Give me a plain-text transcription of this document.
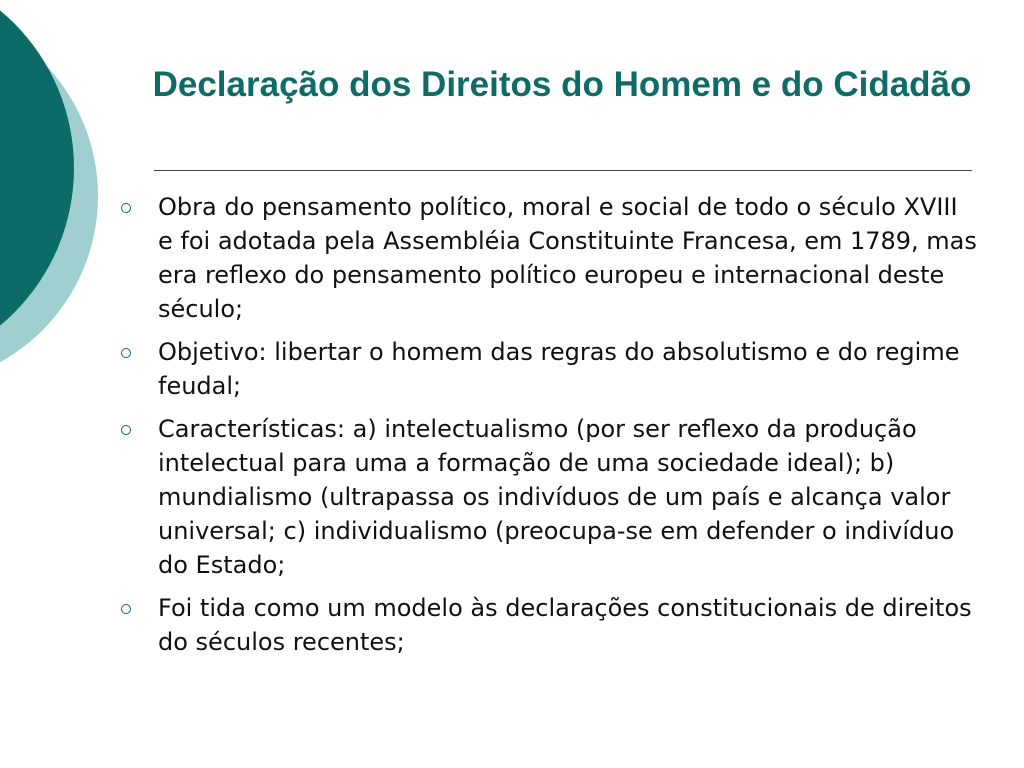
Declaração dos Direitos do Homem e do Cidadão
Obra do pensamento político, moral e social de todo o século XVIII e foi adotada pela Assembléia Constituinte Francesa, em 1789, mas era reflexo do pensamento político europeu e internacional deste século;
Objetivo: libertar o homem das regras do absolutismo e do regime feudal;
Características: a) intelectualismo (por ser reflexo da produção intelectual para uma a formação de uma sociedade ideal); b) mundialismo (ultrapassa os indivíduos de um país e alcança valor universal; c) individualismo (preocupa-se em defender o indivíduo do Estado;
Foi tida como um modelo às declarações constitucionais de direitos do séculos recentes;
